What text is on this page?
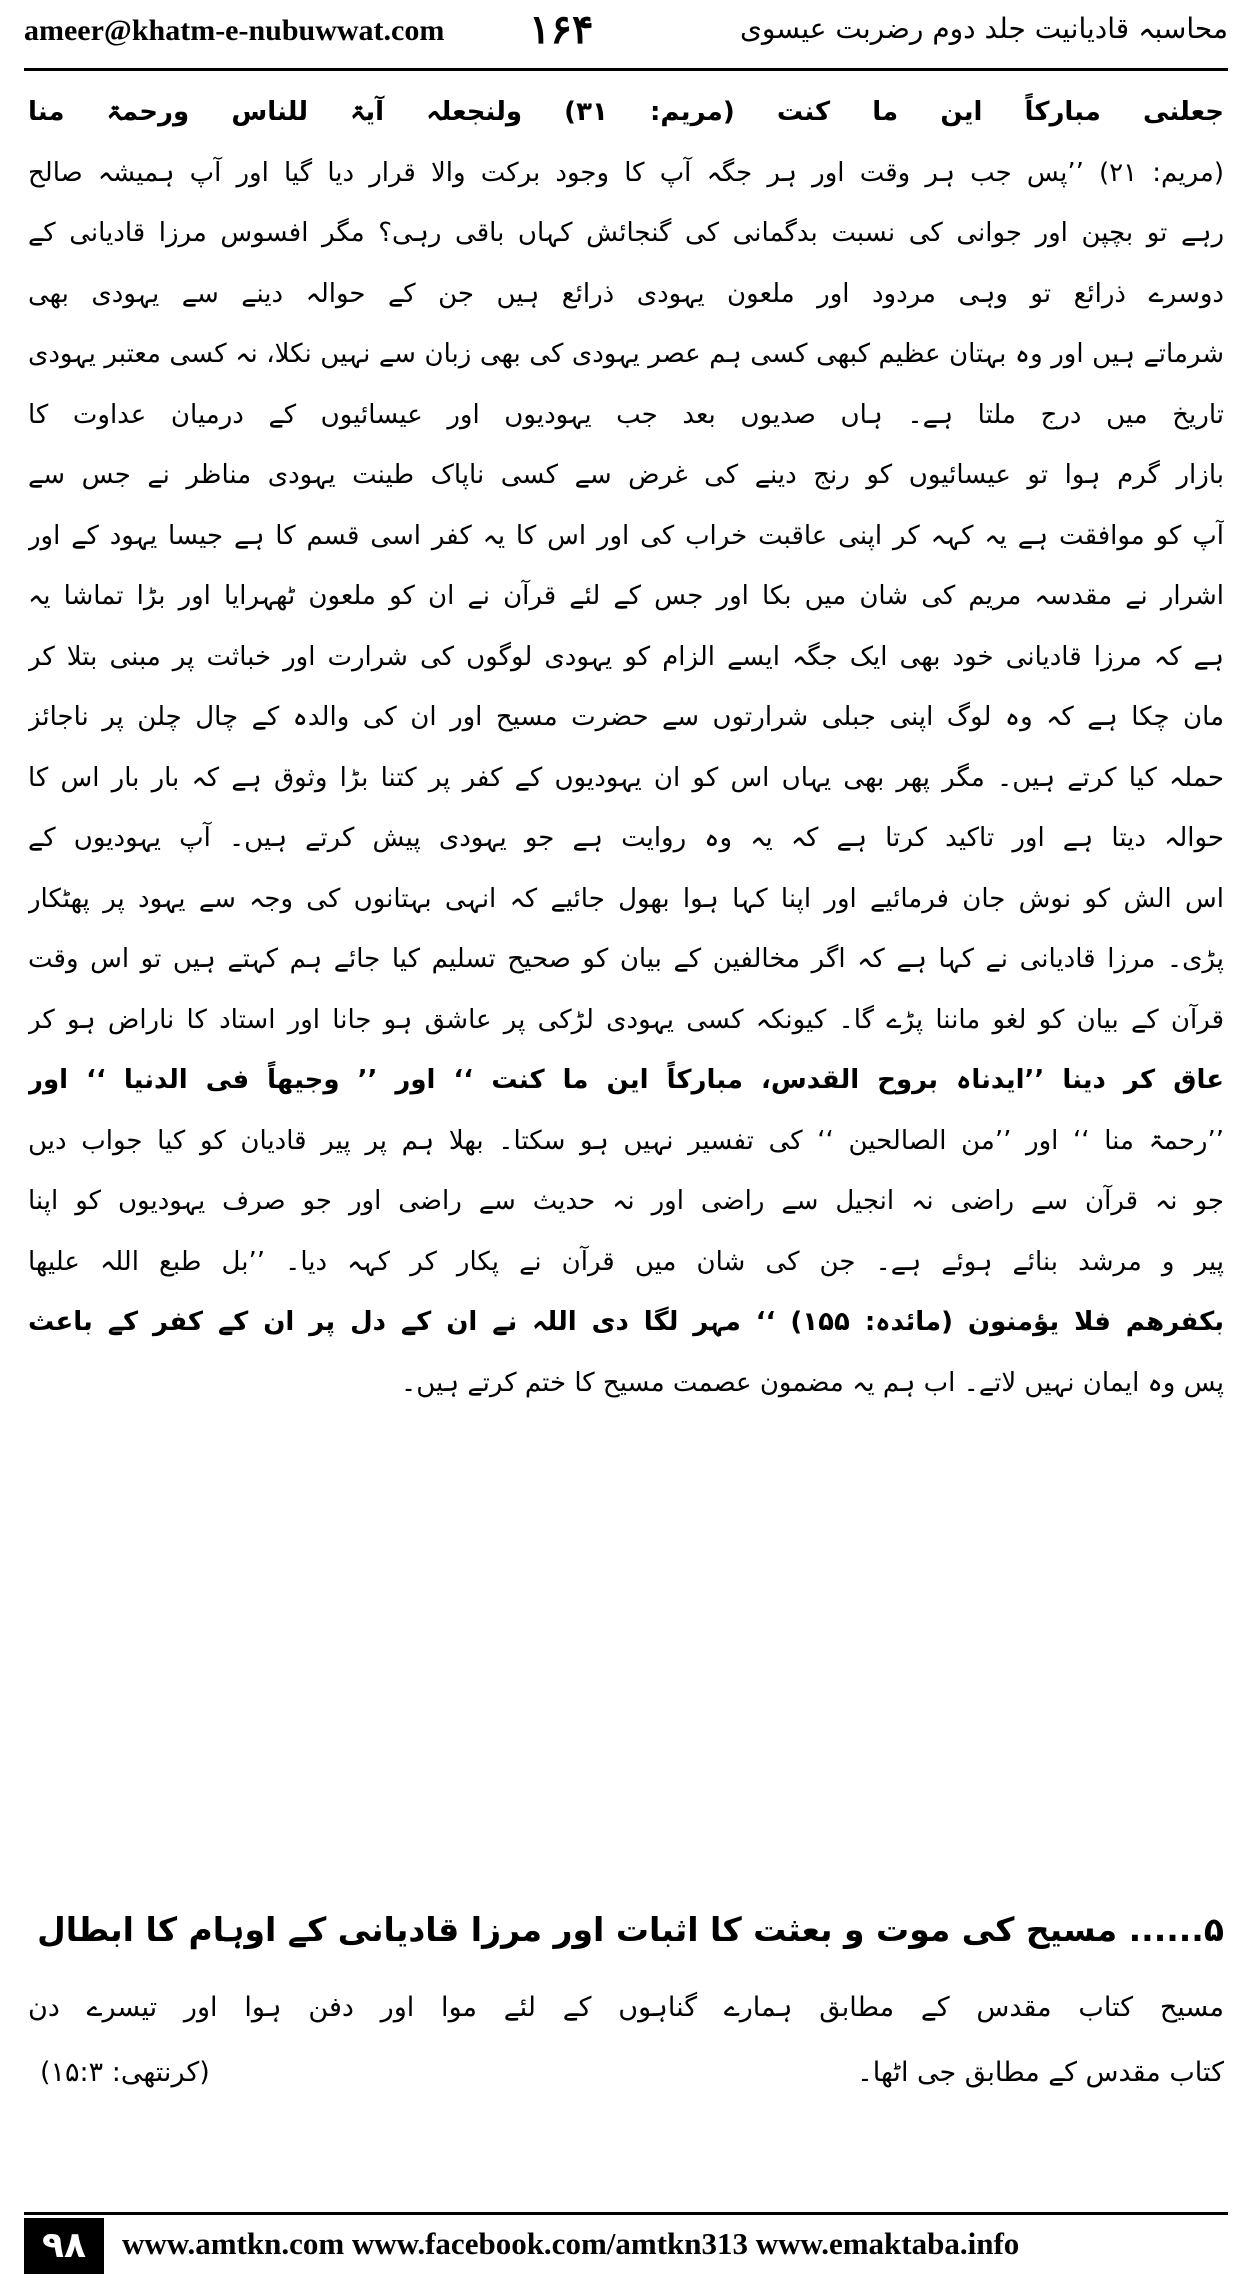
ameer@khatm-e-nubuwwat.com ۱۶۴	محاسبہ قادیانیت جلد دوم رضربت عیسوی
جعلنی مبارکاً این ما کنت (مریم: ۳۱) ولنجعلہ آیۃ للناس ورحمۃ منا
(مریم: ۲۱) ’’پس جب ہر وقت اور ہر جگہ آپ کا وجود برکت والا قرار دیا گیا اور آپ ہمیشہ صالح
رہے تو بچپن اور جوانی کی نسبت بدگمانی کی گنجائش کہاں باقی رہی؟ مگر افسوس مرزا قادیانی کے
دوسرے ذرائع تو وہی مردود اور ملعون یہودی ذرائع ہیں جن کے حوالہ دینے سے یہودی بھی
شرماتے ہیں اور وہ بہتان عظیم کبھی کسی ہم عصر یہودی کی بھی زبان سے نہیں نکلا، نہ کسی معتبر یہودی
تاریخ میں درج ملتا ہے۔ ہاں صدیوں بعد جب یہودیوں اور عیسائیوں کے درمیان عداوت کا
بازار گرم ہوا تو عیسائیوں کو رنج دینے کی غرض سے کسی ناپاک طینت یہودی مناظر نے جس سے
آپ کو موافقت ہے یہ کہہ کر اپنی عاقبت خراب کی اور اس کا یہ کفر اسی قسم کا ہے جیسا یہود کے اور
اشرار نے مقدسہ مریم کی شان میں بکا اور جس کے لئے قرآن نے ان کو ملعون ٹھہرایا اور بڑا تماشا یہ
ہے کہ مرزا قادیانی خود بھی ایک جگہ ایسے الزام کو یہودی لوگوں کی شرارت اور خباثت پر مبنی بتلا کر
مان چکا ہے کہ وہ لوگ اپنی جبلی شرارتوں سے حضرت مسیح اور ان کی والدہ کے چال چلن پر ناجائز
حملہ کیا کرتے ہیں۔ مگر پھر بھی یہاں اس کو ان یہودیوں کے کفر پر کتنا بڑا وثوق ہے کہ بار بار اس کا
حوالہ دیتا ہے اور تاکید کرتا ہے کہ یہ وہ روایت ہے جو یہودی پیش کرتے ہیں۔ آپ یہودیوں کے
اس الش کو نوش جان فرمائیے اور اپنا کہا ہوا بھول جائیے کہ انہی بہتانوں کی وجہ سے یہود پر پھٹکار
پڑی۔ مرزا قادیانی نے کہا ہے کہ اگر مخالفین کے بیان کو صحیح تسلیم کیا جائے ہم کہتے ہیں تو اس وقت
قرآن کے بیان کو لغو ماننا پڑے گا۔ کیونکہ کسی یہودی لڑکی پر عاشق ہو جانا اور استاد کا ناراض ہو کر
عاق کر دینا ’’ایدناہ بروح القدس، مبارکاً این ما کنت ‘‘ اور ’’ وجیھاً فی الدنیا ‘‘ اور
’’رحمۃ منا ‘‘ اور ’’من الصالحین ‘‘ کی تفسیر نہیں ہو سکتا۔ بھلا ہم پر پیر قادیان کو کیا جواب دیں
جو نہ قرآن سے راضی نہ انجیل سے راضی اور نہ حدیث سے راضی اور جو صرف یہودیوں کو اپنا
پیر و مرشد بنائے ہوئے ہے۔ جن کی شان میں قرآن نے پکار کر کہہ دیا۔ ’’بل طبع اللہ علیھا
بکفرھم فلا یؤمنون (مائدہ: ۱۵۵) ‘‘ مہر لگا دی اللہ نے ان کے دل پر ان کے کفر کے باعث
پس وہ ایمان نہیں لاتے۔ اب ہم یہ مضمون عصمت مسیح کا ختم کرتے ہیں۔
۵...... مسیح کی موت و بعثت کا اثبات اور مرزا قادیانی کے اوہام کا ابطال
مسیح کتاب مقدس کے مطابق ہمارے گناہوں کے لئے موا اور دفن ہوا اور تیسرے دن
کتاب مقدس کے مطابق جی اٹھا۔
(کرنتھی: ۱۵:۳)
۹۸	www.amtkn.com www.facebook.com/amtkn313 www.emaktaba.info
